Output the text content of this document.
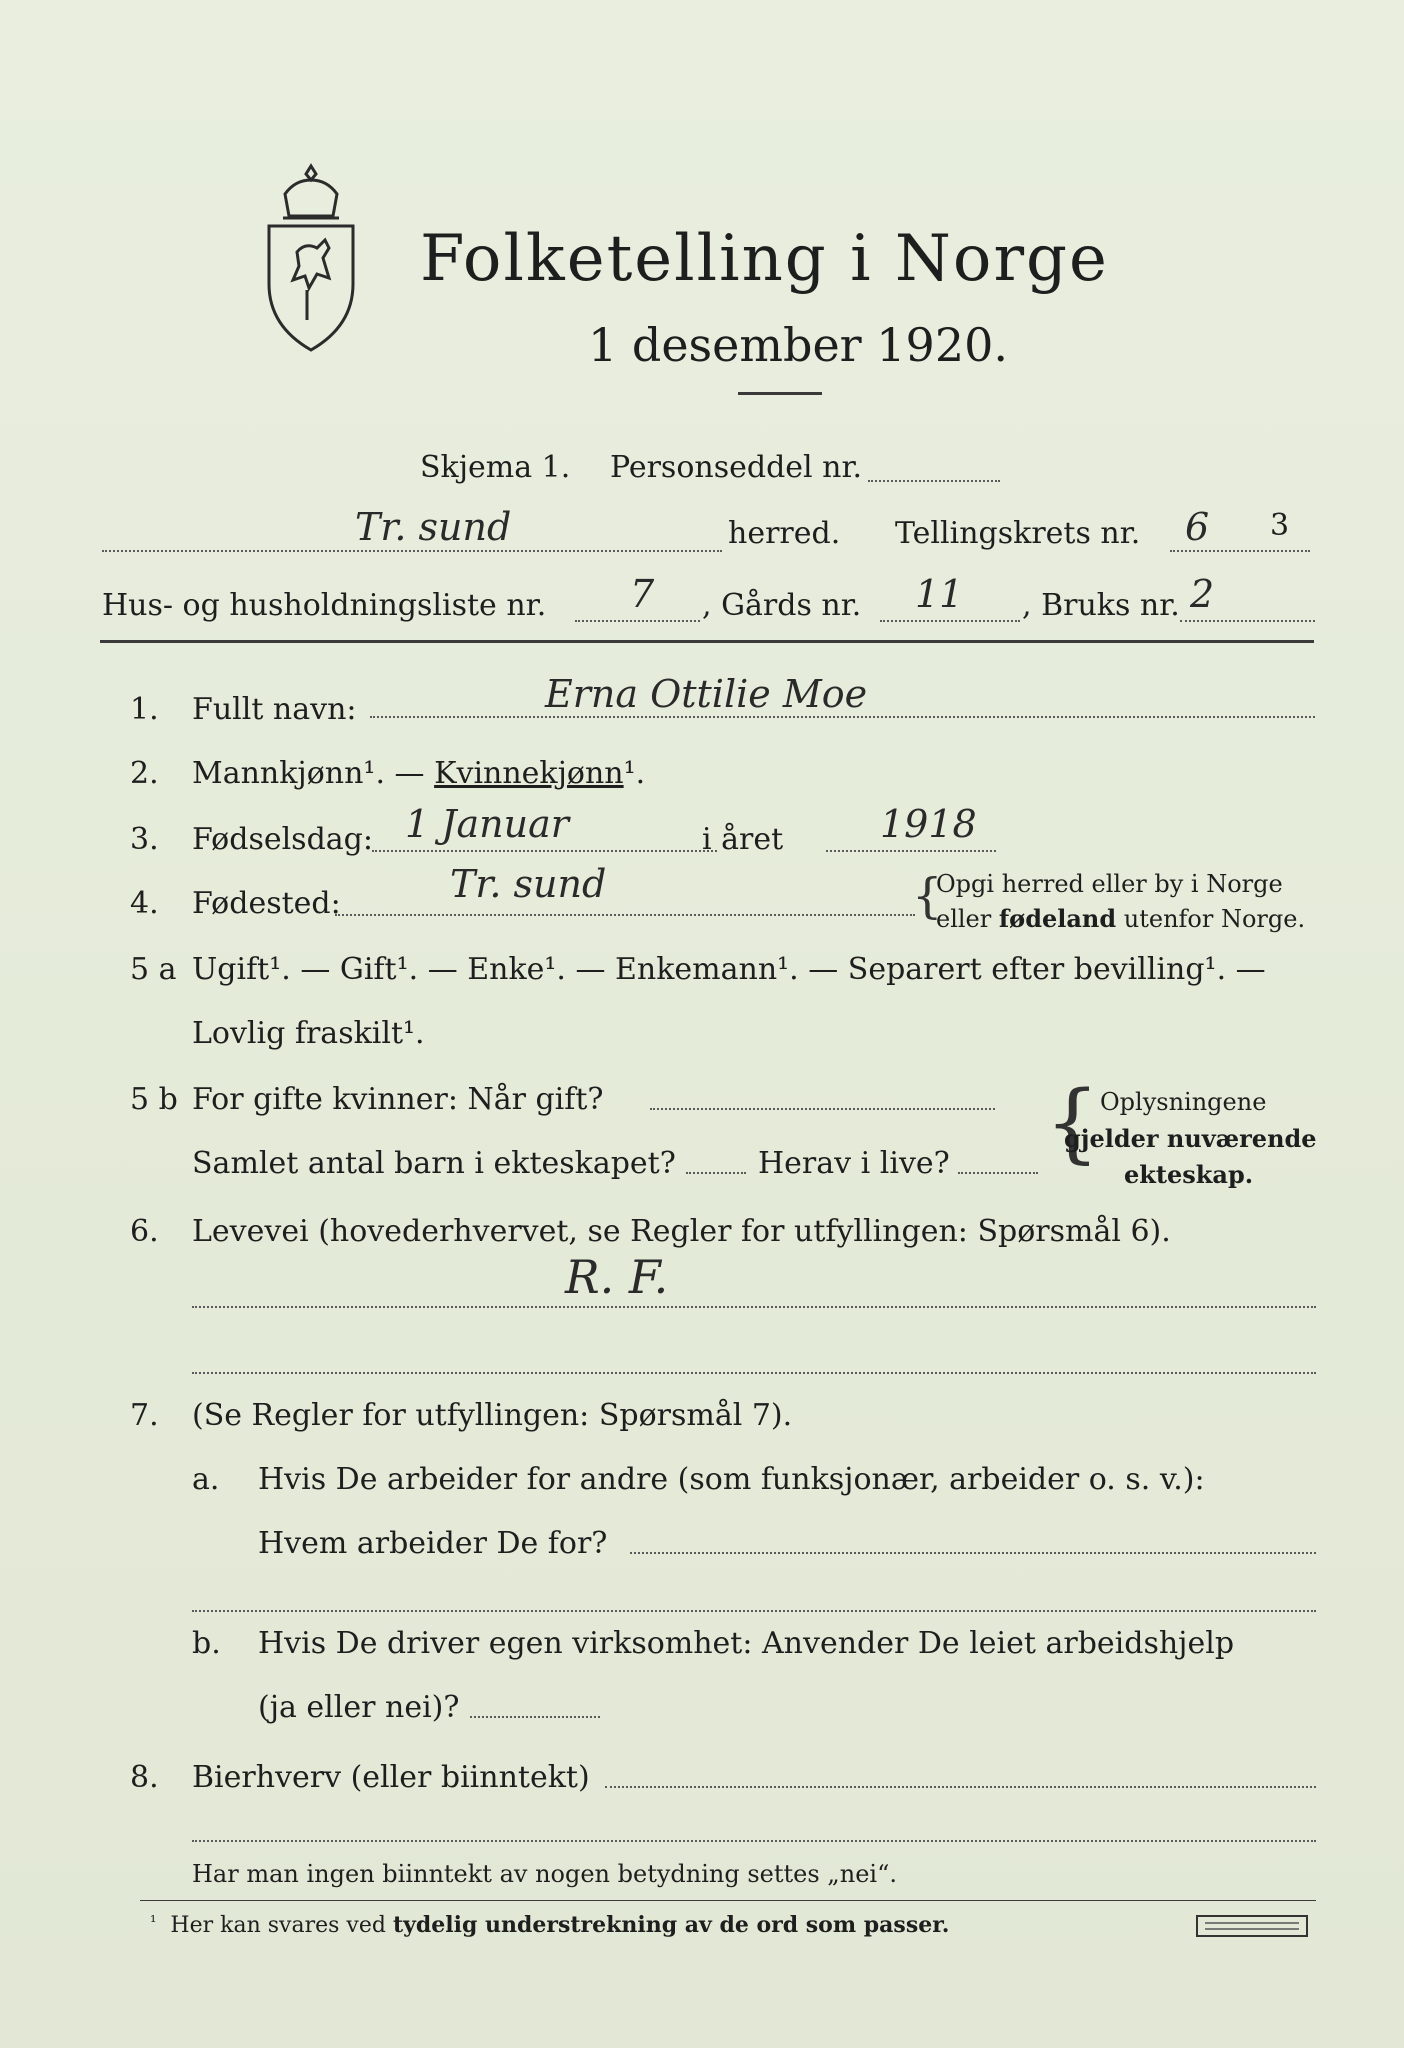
Folketelling i Norge
1 desember 1920.
Skjema 1. Personseddel nr.
Tr. sund	herred. Tellingskrets nr. 6 3
Hus- og husholdningsliste nr. 7 , Gårds nr. 11 , Bruks nr. 2
1. Fullt navn:	Erna Ottilie Moe
2. Mannkjønn¹. — Kvinnekjønn¹.
3. Fødselsdag: 1 Januar	i året	1918
4. Fødested:	Tr. sund	{
Opgi herred eller by i Norge
eller fødeland utenfor Norge.
5 a Ugift¹. — Gift¹. — Enke¹. — Enkemann¹. — Separert efter bevilling¹. —
Lovlig fraskilt¹.
5 b For gifte kvinner: Når gift?
Samlet antal barn i ekteskapet?	Herav i live? { Oplysningene
gjelder nuværende
ekteskap.
6. Levevei (hovederhvervet, se Regler for utfyllingen: Spørsmål 6).
R. F.
7. (Se Regler for utfyllingen: Spørsmål 7).
a. Hvis De arbeider for andre (som funksjonær, arbeider o. s. v.):
Hvem arbeider De for?
b. Hvis De driver egen virksomhet: Anvender De leiet arbeidshjelp
(ja eller nei)?
8. Bierhverv (eller biinntekt)
Har man ingen biinntekt av nogen betydning settes „nei“.
$^{^1}$ Her kan svares ved tydelig understrekning av de ord som passer.
